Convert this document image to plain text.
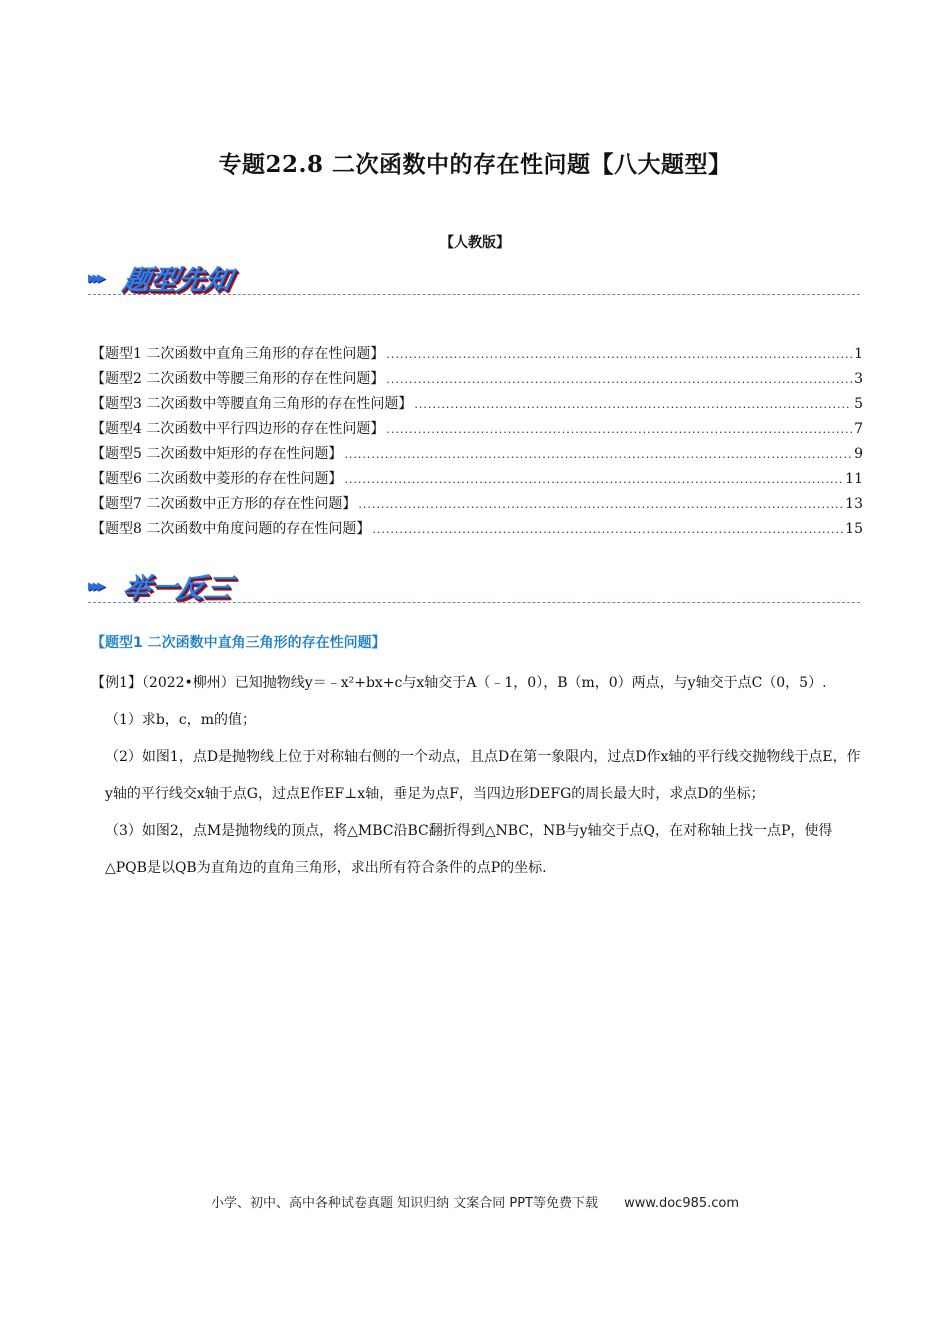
专题22.8 二次函数中的存在性问题【八大题型】
【人教版】
▸▸▸ 题型先知
【题型1 二次函数中直角三角形的存在性问题】 .....	1
【题型2 二次函数中等腰三角形的存在性问题】 .....	3
【题型3 二次函数中等腰直角三角形的存在性问题】 .....	5
【题型4 二次函数中平行四边形的存在性问题】 .....	7
【题型5 二次函数中矩形的存在性问题】 .....	9
【题型6 二次函数中菱形的存在性问题】 .....	11
【题型7 二次函数中正方形的存在性问题】 .....	13
【题型8 二次函数中角度问题的存在性问题】 .....	15
▸▸▸ 举一反三
【题型1 二次函数中直角三角形的存在性问题】

【例1】（2022•柳州）已知抛物线y＝﹣x²+bx+c与x轴交于A（﹣1，0），B（m，0）两点，与y轴交于点C（0，5）.

（1）求b，c，m的值；

（2）如图1，点D是抛物线上位于对称轴右侧的一个动点，且点D在第一象限内，过点D作x轴的平行线交抛物线于点E，作y轴的平行线交x轴于点G，过点E作EF⊥x轴，垂足为点F，当四边形DEFG的周长最大时，求点D的坐标；

（3）如图2，点M是抛物线的顶点，将△MBC沿BC翻折得到△NBC，NB与y轴交于点Q，在对称轴上找一点P，使得△PQB是以QB为直角边的直角三角形，求出所有符合条件的点P的坐标.

小学、初中、高中各种试卷真题 知识归纳 文案合同 PPT等免费下载 www.doc985.com
